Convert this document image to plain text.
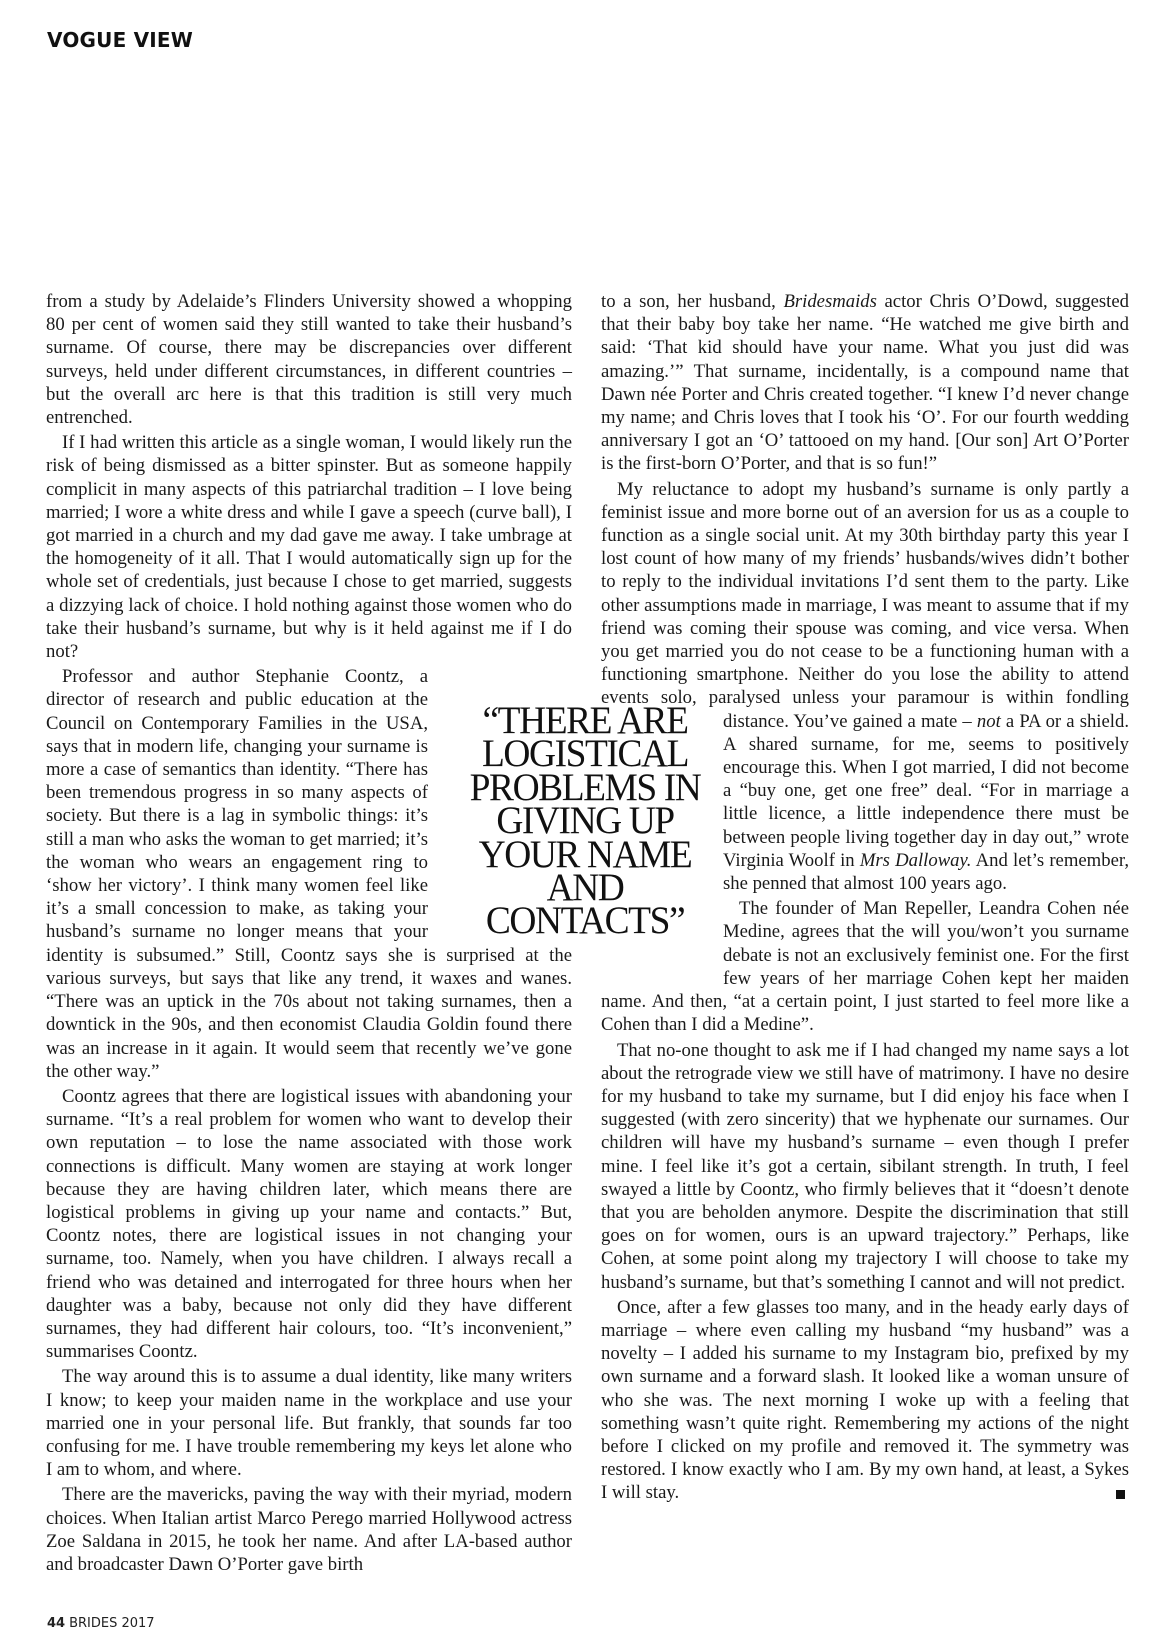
VOGUE VIEW

from a study by Adelaide’s Flinders University showed a whopping 80 per cent of women said they still wanted to take their husband’s surname. Of course, there may be discrepancies over different surveys, held under different circumstances, in different countries – but the overall arc here is that this tradition is still very much entrenched.

If I had written this article as a single woman, I would likely run the risk of being dismissed as a bitter spinster. But as someone happily complicit in many aspects of this patriarchal tradition – I love being married; I wore a white dress and while I gave a speech (curve ball), I got married in a church and my dad gave me away. I take umbrage at the homogeneity of it all. That I would automatically sign up for the whole set of credentials, just because I chose to get married, suggests a dizzying lack of choice. I hold nothing against those women who do take their husband’s surname, but why is it held against me if I do not?

Professor and author Stephanie Coontz, a director of research and public education at the Council on Contemporary Families in the USA, says that in modern life, changing your surname is more a case of semantics than identity. “There has been tremendous progress in so many aspects of society. But there is a lag in symbolic things: it’s still a man who asks the woman to get married; it’s the woman who wears an engagement ring to ‘show her victory’. I think many women feel like it’s a small concession to make, as taking your husband’s surname no longer means that your identity is subsumed.” Still, Coontz says she is surprised at the various surveys, but says that like any trend, it waxes and wanes. “There was an uptick in the 70s about not taking surnames, then a downtick in the 90s, and then economist Claudia Goldin found there was an increase in it again. It would seem that recently we’ve gone the other way.”

Coontz agrees that there are logistical issues with abandoning your surname. “It’s a real problem for women who want to develop their own reputation – to lose the name associated with those work connections is difficult. Many women are staying at work longer because they are having children later, which means there are logistical problems in giving up your name and contacts.” But, Coontz notes, there are logistical issues in not changing your surname, too. Namely, when you have children. I always recall a friend who was detained and interrogated for three hours when her daughter was a baby, because not only did they have different surnames, they had different hair colours, too. “It’s inconvenient,” summarises Coontz.

The way around this is to assume a dual identity, like many writers I know; to keep your maiden name in the workplace and use your married one in your personal life. But frankly, that sounds far too confusing for me. I have trouble remembering my keys let alone who I am to whom, and where.

There are the mavericks, paving the way with their myriad, modern choices. When Italian artist Marco Perego married Hollywood actress Zoe Saldana in 2015, he took her name. And after LA-based author and broadcaster Dawn O’Porter gave birth

to a son, her husband, Bridesmaids actor Chris O’Dowd, suggested that their baby boy take her name. “He watched me give birth and said: ‘That kid should have your name. What you just did was amazing.’” That surname, incidentally, is a compound name that Dawn née Porter and Chris created together. “I knew I’d never change my name; and Chris loves that I took his ‘O’. For our fourth wedding anniversary I got an ‘O’ tattooed on my hand. [Our son] Art O’Porter is the first-born O’Porter, and that is so fun!”

My reluctance to adopt my husband’s surname is only partly a feminist issue and more borne out of an aversion for us as a couple to function as a single social unit. At my 30th birthday party this year I lost count of how many of my friends’ husbands/wives didn’t bother to reply to the individual invitations I’d sent them to the party. Like other assumptions made in marriage, I was meant to assume that if my friend was coming their spouse was coming, and vice versa. When you get married you do not cease to be a functioning human with a functioning smartphone. Neither do you lose the ability to attend events solo, paralysed unless your paramour is within fondling distance. You’ve gained a mate –
not a PA or a shield. A shared surname, for me, seems to positively encourage this. When I got married, I did not become a “buy one, get one free” deal. “For in marriage a little licence, a little independence there must be between people living together day in day out,” wrote Virginia Woolf in Mrs Dalloway. And let’s remember, she penned that almost 100 years ago.

The founder of Man Repeller, Leandra Cohen née Medine, agrees that the will you/won’t you surname debate is not an exclusively feminist one. For the first few years of her marriage Cohen kept her maiden name. And then, “at a certain point, I just started to feel more like a Cohen than I did a Medine”.

That no-one thought to ask me if I had changed my name says a lot about the retrograde view we still have of matrimony. I have no desire for my husband to take my surname, but I did enjoy his face when I suggested (with zero sincerity) that we hyphenate our surnames. Our children will have my husband’s surname – even though I prefer mine. I feel like it’s got a certain, sibilant strength. In truth, I feel swayed a little by Coontz, who firmly believes that it “doesn’t denote that you are beholden anymore. Despite the discrimination that still goes on for women, ours is an upward trajectory.” Perhaps, like Cohen, at some point along my trajectory I will choose to take my husband’s surname, but that’s something I cannot and will not predict.

Once, after a few glasses too many, and in the heady early days of marriage – where even calling my husband “my husband” was a novelty – I added his surname to my Instagram bio, prefixed by my own surname and a forward slash. It looked like a woman unsure of who she was. The next morning I woke up with a feeling that something wasn’t quite right. Remembering my actions of the night before I clicked on my profile and removed it. The symmetry was restored. I know exactly who I am. By my own hand, at least, a Sykes I will stay.

“THERE ARE LOGISTICAL PROBLEMS IN GIVING UP YOUR NAME AND CONTACTS”
44 BRIDES 2017
